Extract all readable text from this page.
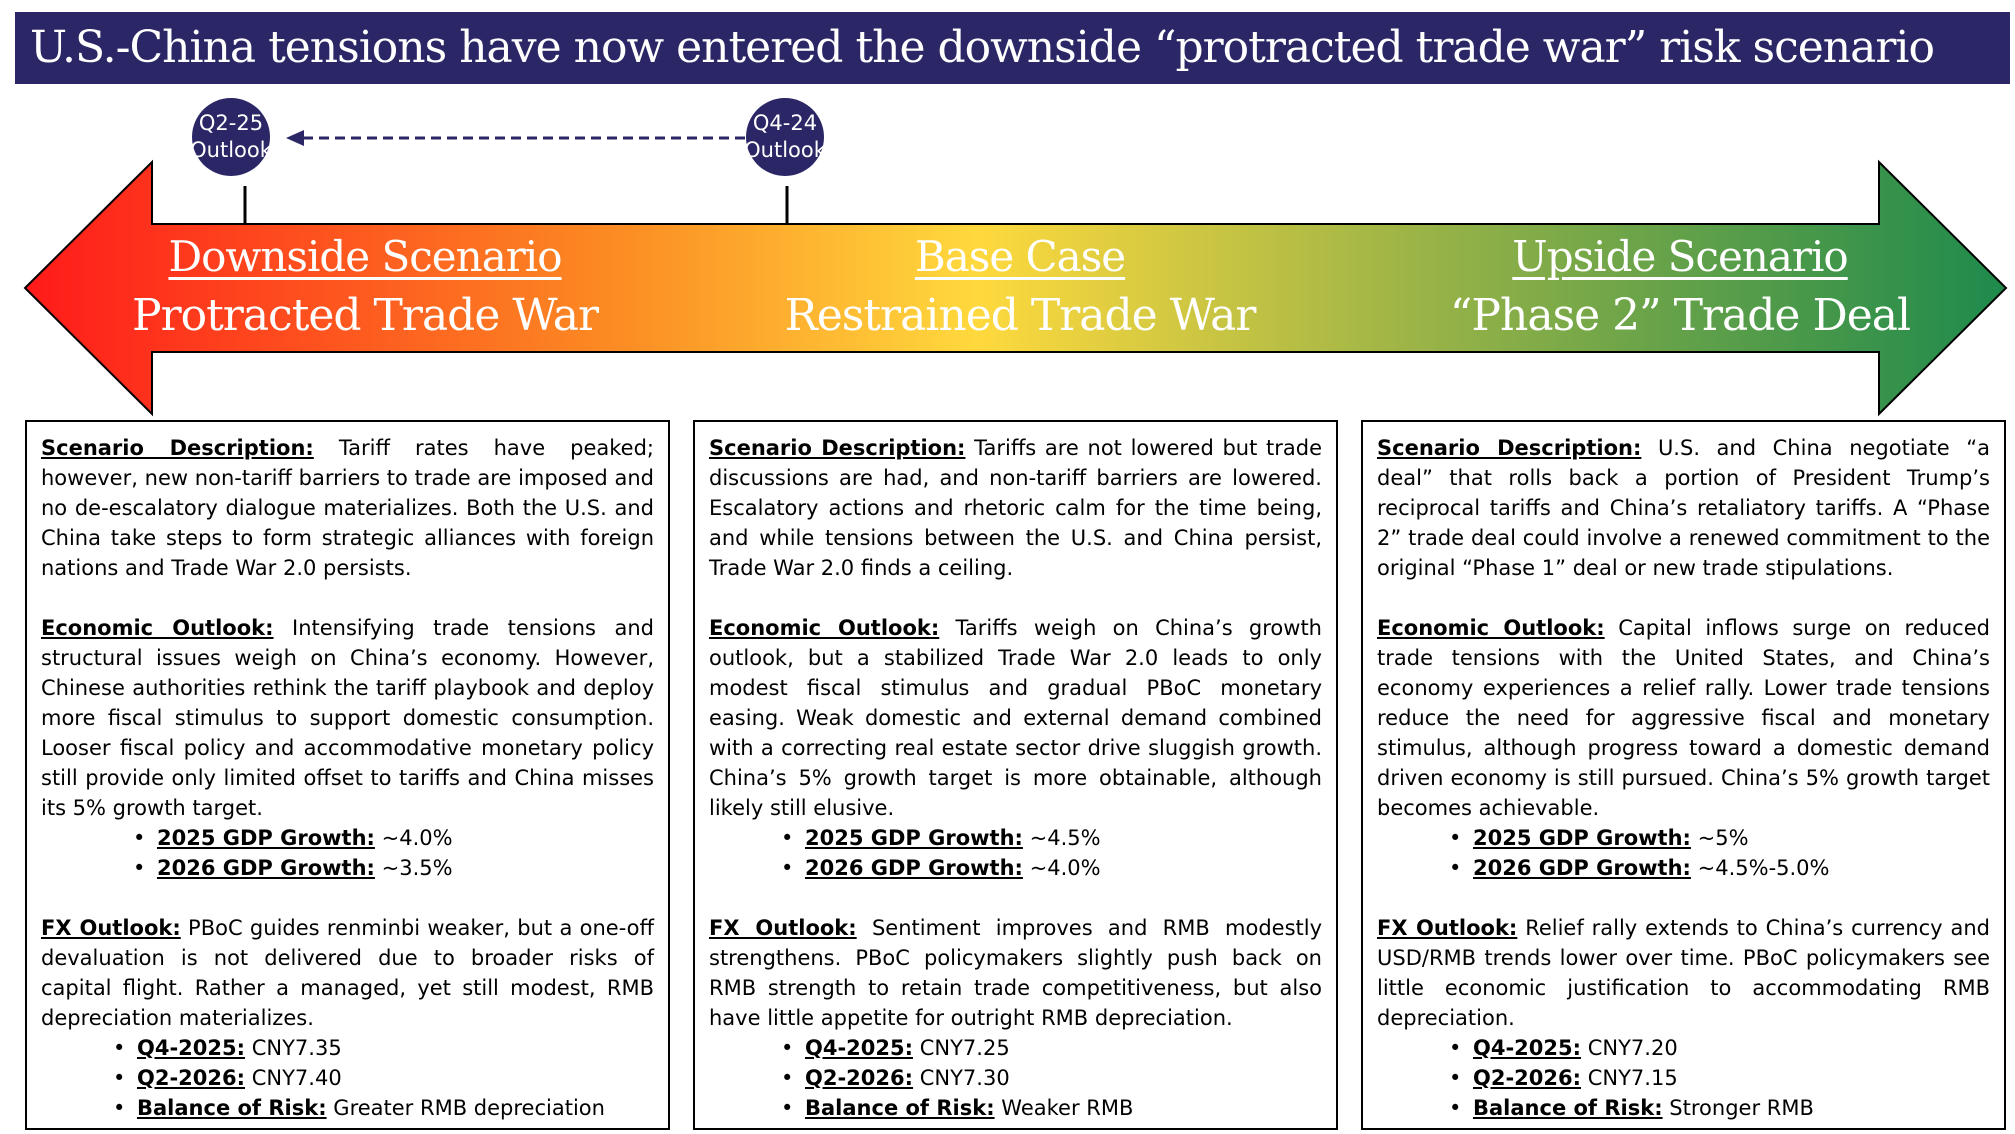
U.S.-China tensions have now entered the downside “protracted trade war” risk scenario
Q2-25
Outlook
Q4-24
Outlook
Downside Scenario
Protracted Trade War
Base Case
Restrained Trade War
Upside Scenario
“Phase 2” Trade Deal

Scenario Description: Tariff rates have peaked; however, new non-tariff barriers to trade are imposed and no de-escalatory dialogue materializes. Both the U.S. and China take steps to form strategic alliances with foreign nations and Trade War 2.0 persists.

Economic Outlook: Intensifying trade tensions and structural issues weigh on China’s economy. However, Chinese authorities rethink the tariff playbook and deploy more fiscal stimulus to support domestic consumption. Looser fiscal policy and accommodative monetary policy still provide only limited offset to tariffs and China misses its 5% growth target.

• 2025 GDP Growth: ~4.0%
• 2026 GDP Growth: ~3.5%

FX Outlook: PBoC guides renminbi weaker, but a one-off devaluation is not delivered due to broader risks of capital flight. Rather a managed, yet still modest, RMB depreciation materializes.

• Q4-2025: CNY7.35
• Q2-2026: CNY7.40
• Balance of Risk: Greater RMB depreciation

Scenario Description: Tariffs are not lowered but trade discussions are had, and non-tariff barriers are lowered. Escalatory actions and rhetoric calm for the time being, and while tensions between the U.S. and China persist, Trade War 2.0 finds a ceiling.

Economic Outlook: Tariffs weigh on China’s growth outlook, but a stabilized Trade War 2.0 leads to only modest fiscal stimulus and gradual PBoC monetary easing. Weak domestic and external demand combined with a correcting real estate sector drive sluggish growth. China’s 5% growth target is more obtainable, although likely still elusive.

• 2025 GDP Growth: ~4.5%
• 2026 GDP Growth: ~4.0%

FX Outlook: Sentiment improves and RMB modestly strengthens. PBoC policymakers slightly push back on RMB strength to retain trade competitiveness, but also have little appetite for outright RMB depreciation.

• Q4-2025: CNY7.25
• Q2-2026: CNY7.30
• Balance of Risk: Weaker RMB

Scenario Description: U.S. and China negotiate “a deal” that rolls back a portion of President Trump’s reciprocal tariffs and China’s retaliatory tariffs. A “Phase 2” trade deal could involve a renewed commitment to the original “Phase 1” deal or new trade stipulations.

Economic Outlook: Capital inflows surge on reduced trade tensions with the United States, and China’s economy experiences a relief rally. Lower trade tensions reduce the need for aggressive fiscal and monetary stimulus, although progress toward a domestic demand driven economy is still pursued. China’s 5% growth target becomes achievable.

• 2025 GDP Growth: ~5%
• 2026 GDP Growth: ~4.5%-5.0%

FX Outlook: Relief rally extends to China’s currency and USD/RMB trends lower over time. PBoC policymakers see little economic justification to accommodating RMB depreciation.

• Q4-2025: CNY7.20
• Q2-2026: CNY7.15
• Balance of Risk: Stronger RMB
